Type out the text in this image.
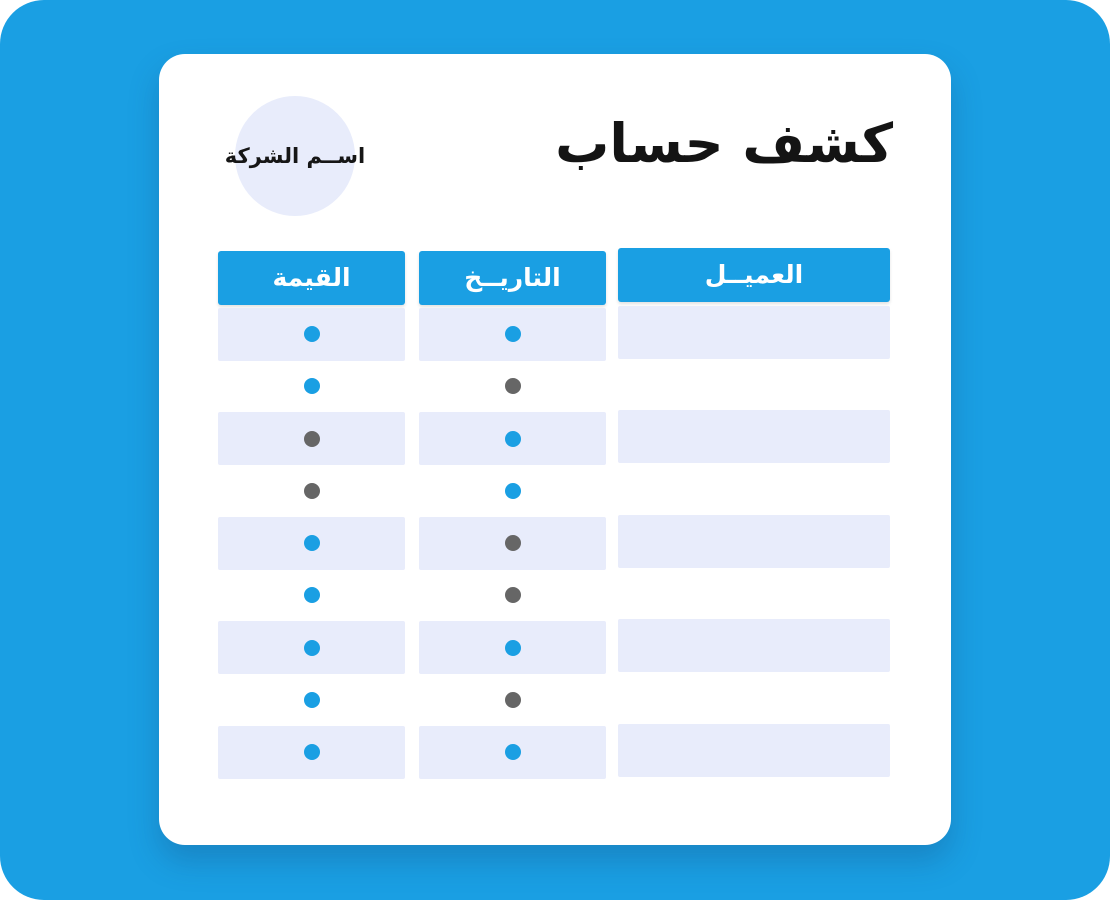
كشف حساب
اســم الشركة
القيمة	التاريــخ	العميــل
